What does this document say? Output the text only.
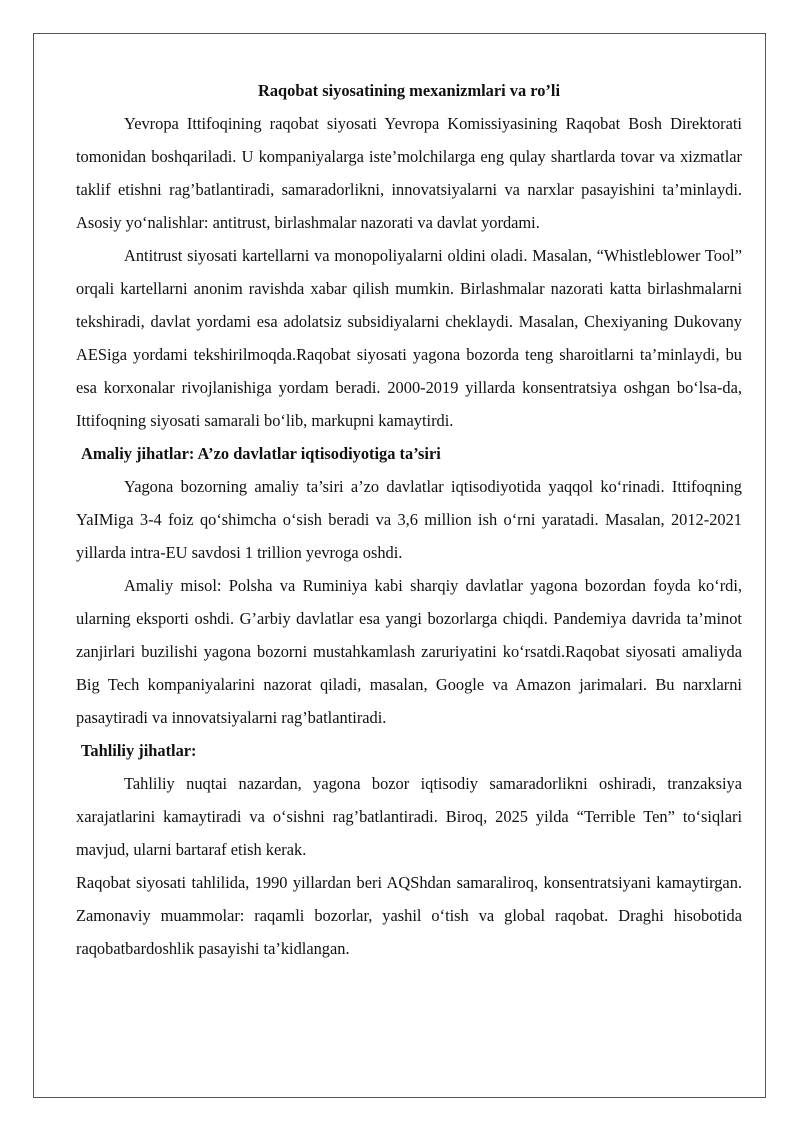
Raqobat siyosatining mexanizmlari va ro’li

Yevropa Ittifoqining raqobat siyosati Yevropa Komissiyasining Raqobat Bosh Direktorati tomonidan boshqariladi. U kompaniyalarga iste’molchilarga eng qulay shartlarda tovar va xizmatlar taklif etishni rag’batlantiradi, samaradorlikni, innovatsiyalarni va narxlar pasayishini ta’minlaydi. Asosiy yo‘nalishlar: antitrust, birlashmalar nazorati va davlat yordami.

Antitrust siyosati kartellarni va monopoliyalarni oldini oladi. Masalan, “Whistleblower Tool” orqali kartellarni anonim ravishda xabar qilish mumkin. Birlashmalar nazorati katta birlashmalarni tekshiradi, davlat yordami esa adolatsiz subsidiyalarni cheklaydi. Masalan, Chexiyaning Dukovany AESiga yordami tekshirilmoqda.Raqobat siyosati yagona bozorda teng sharoitlarni ta’minlaydi, bu esa korxonalar rivojlanishiga yordam beradi. 2000-2019 yillarda konsentratsiya oshgan bo‘lsa-da, Ittifoqning siyosati samarali bo‘lib, markupni kamaytirdi.

Amaliy jihatlar: A’zo davlatlar iqtisodiyotiga ta’siri

Yagona bozorning amaliy ta’siri a’zo davlatlar iqtisodiyotida yaqqol ko‘rinadi. Ittifoqning YaIMiga 3-4 foiz qo‘shimcha o‘sish beradi va 3,6 million ish o‘rni yaratadi. Masalan, 2012-2021 yillarda intra-EU savdosi 1 trillion yevroga oshdi.

Amaliy misol: Polsha va Ruminiya kabi sharqiy davlatlar yagona bozordan foyda ko‘rdi, ularning eksporti oshdi. G’arbiy davlatlar esa yangi bozorlarga chiqdi. Pandemiya davrida ta’minot zanjirlari buzilishi yagona bozorni mustahkamlash zaruriyatini ko‘rsatdi.Raqobat siyosati amaliyda Big Tech kompaniyalarini nazorat qiladi, masalan, Google va Amazon jarimalari. Bu narxlarni pasaytiradi va innovatsiyalarni rag’batlantiradi.

Tahliliy jihatlar:

Tahliliy nuqtai nazardan, yagona bozor iqtisodiy samaradorlikni oshiradi, tranzaksiya xarajatlarini kamaytiradi va o‘sishni rag’batlantiradi. Biroq, 2025 yilda “Terrible Ten” to‘siqlari mavjud, ularni bartaraf etish kerak.

Raqobat siyosati tahlilida, 1990 yillardan beri AQShdan samaraliroq, konsentratsiyani kamaytirgan. Zamonaviy muammolar: raqamli bozorlar, yashil o‘tish va global raqobat. Draghi hisobotida raqobatbardoshlik pasayishi ta’kidlangan.
